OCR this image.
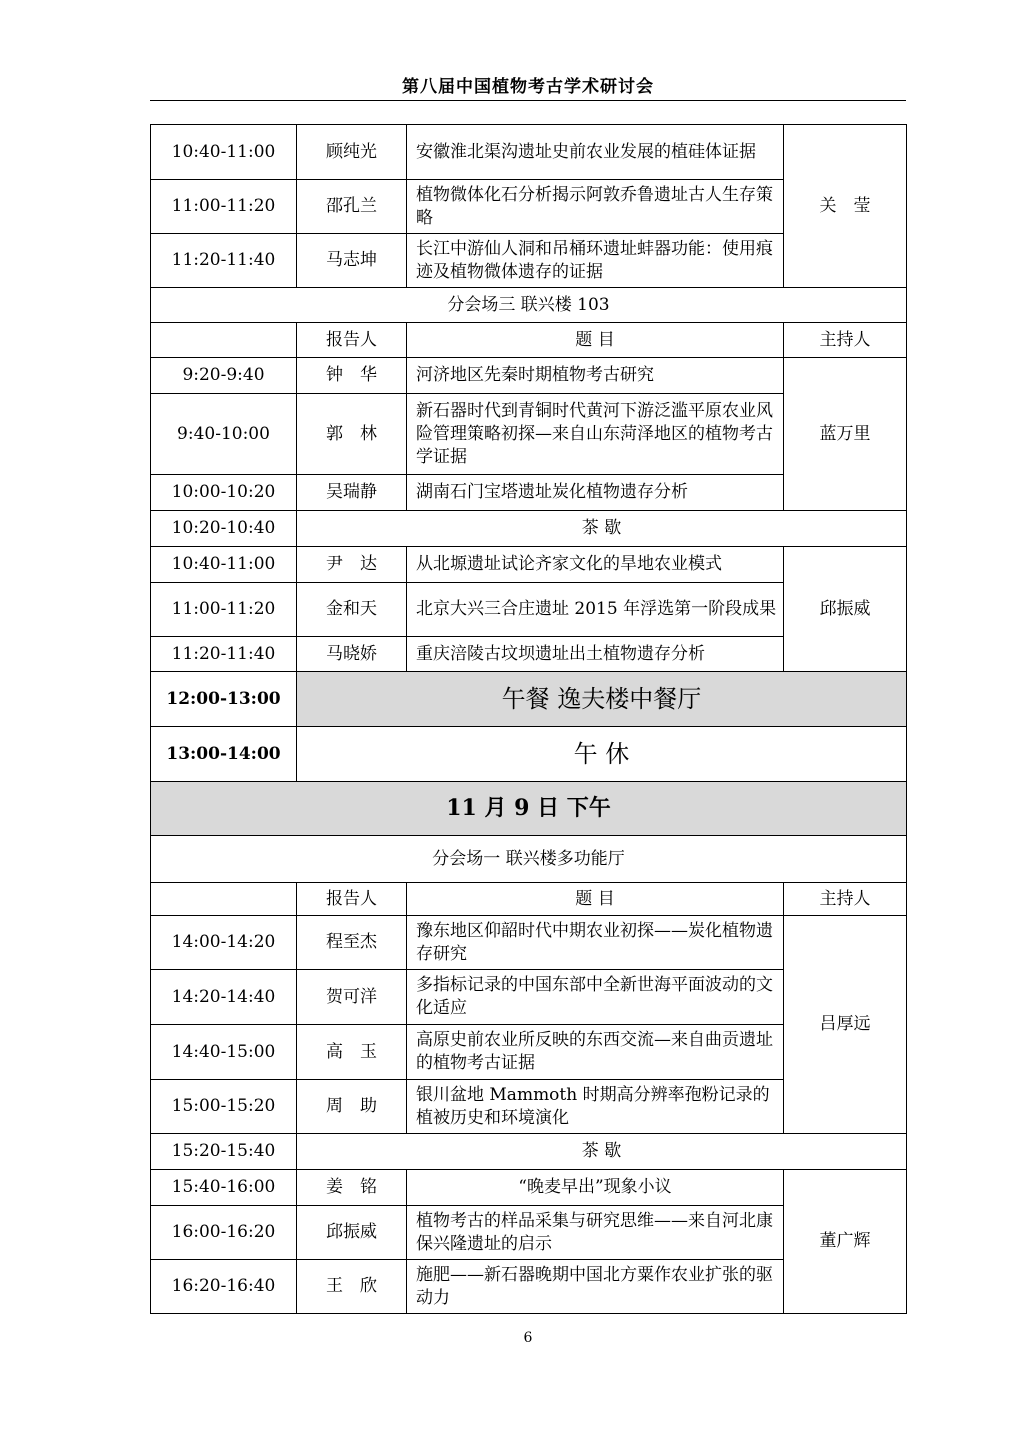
第八届中国植物考古学术研讨会
10:40-11:00	顾纯光	安徽淮北渠沟遗址史前农业发展的植硅体证据	关　莹
11:00-11:20	邵孔兰	植物微体化石分析揭示阿敦乔鲁遗址古人生存策略	
11:20-11:40	马志坤	长江中游仙人洞和吊桶环遗址蚌器功能：使用痕迹及植物微体遗存的证据	
分会场三 联兴楼 103			
	报告人	题 目	主持人
9:20-9:40	钟　华	河济地区先秦时期植物考古研究	蓝万里
9:40-10:00	郭　林	新石器时代到青铜时代黄河下游泛滥平原农业风险管理策略初探—来自山东菏泽地区的植物考古学证据	
10:00-10:20	吴瑞静	湖南石门宝塔遗址炭化植物遗存分析	
10:20-10:40	茶 歇		
10:40-11:00	尹　达	从北塬遗址试论齐家文化的旱地农业模式	邱振威
11:00-11:20	金和天	北京大兴三合庄遗址 2015 年浮选第一阶段成果	
11:20-11:40	马晓娇	重庆涪陵古坟坝遗址出土植物遗存分析	
12:00-13:00	午餐 逸夫楼中餐厅		
13:00-14:00	午 休		
11 月 9 日 下午			
分会场一 联兴楼多功能厅			
	报告人	题 目	主持人
14:00-14:20	程至杰	豫东地区仰韶时代中期农业初探——炭化植物遗存研究	吕厚远
14:20-14:40	贺可洋	多指标记录的中国东部中全新世海平面波动的文化适应	
14:40-15:00	高　玉	高原史前农业所反映的东西交流—来自曲贡遗址的植物考古证据	
15:00-15:20	周　助	银川盆地 Mammoth 时期高分辨率孢粉记录的植被历史和环境演化	
15:20-15:40	茶 歇		
15:40-16:00	姜　铭	“晚麦早出”现象小议	董广辉
16:00-16:20	邱振威	植物考古的样品采集与研究思维——来自河北康保兴隆遗址的启示	
16:20-16:40	王　欣	施肥——新石器晚期中国北方粟作农业扩张的驱动力	
6
